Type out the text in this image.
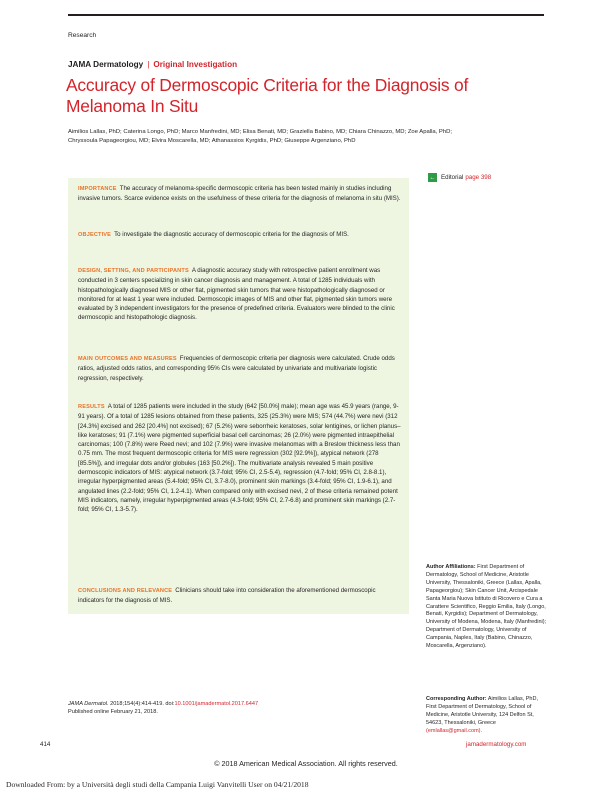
Research
JAMA Dermatology | Original Investigation
Accuracy of Dermoscopic Criteria for the Diagnosis of Melanoma In Situ
Aimilios Lallas, PhD; Caterina Longo, PhD; Marco Manfredini, MD; Elisa Benati, MD; Graziella Babino, MD; Chiara Chinazzo, MD; Zoe Apalla, PhD; Chryssoula Papageorgiou, MD; Elvira Moscarella, MD; Athanassios Kyrgidis, PhD; Giuseppe Argenziano, PhD
← Editorial page 398
IMPORTANCE The accuracy of melanoma-specific dermoscopic criteria has been tested mainly in studies including invasive tumors. Scarce evidence exists on the usefulness of these criteria for the diagnosis of melanoma in situ (MIS).
OBJECTIVE To investigate the diagnostic accuracy of dermoscopic criteria for the diagnosis of MIS.
DESIGN, SETTING, AND PARTICIPANTS A diagnostic accuracy study with retrospective patient enrollment was conducted in 3 centers specializing in skin cancer diagnosis and management. A total of 1285 individuals with histopathologically diagnosed MIS or other flat, pigmented skin tumors that were histopathologically diagnosed or monitored for at least 1 year were included. Dermoscopic images of MIS and other flat, pigmented skin tumors were evaluated by 3 independent investigators for the presence of predefined criteria. Evaluators were blinded to the clinic dermoscopic and histopathologic diagnosis.
MAIN OUTCOMES AND MEASURES Frequencies of dermoscopic criteria per diagnosis were calculated. Crude odds ratios, adjusted odds ratios, and corresponding 95% CIs were calculated by univariate and multivariate logistic regression, respectively.
RESULTS A total of 1285 patients were included in the study (642 [50.0%] male); mean age was 45.9 years (range, 9-91 years). Of a total of 1285 lesions obtained from these patients, 325 (25.3%) were MIS; 574 (44.7%) were nevi (312 [24.3%] excised and 262 [20.4%] not excised); 67 (5.2%) were seborrheic keratoses, solar lentigines, or lichen planus–like keratoses; 91 (7.1%) were pigmented superficial basal cell carcinomas; 26 (2.0%) were pigmented intraepithelial carcinomas; 100 (7.8%) were Reed nevi; and 102 (7.9%) were invasive melanomas with a Breslow thickness less than 0.75 mm. The most frequent dermoscopic criteria for MIS were regression (302 [92.9%]), atypical network (278 [85.5%]), and irregular dots and/or globules (163 [50.2%]). The multivariate analysis revealed 5 main positive dermoscopic indicators of MIS: atypical network (3.7-fold; 95% CI, 2.5-5.4), regression (4.7-fold; 95% CI, 2.8-8.1), irregular hyperpigmented areas (5.4-fold; 95% CI, 3.7-8.0), prominent skin markings (3.4-fold; 95% CI, 1.9-6.1), and angulated lines (2.2-fold; 95% CI, 1.2-4.1). When compared only with excised nevi, 2 of these criteria remained potent MIS indicators, namely, irregular hyperpigmented areas (4.3-fold; 95% CI, 2.7-6.8) and prominent skin markings (2.7-fold; 95% CI, 1.3-5.7).
CONCLUSIONS AND RELEVANCE Clinicians should take into consideration the aforementioned dermoscopic indicators for the diagnosis of MIS.
Author Affiliations: First Department of Dermatology, School of Medicine, Aristotle University, Thessaloniki, Greece (Lallas, Apalla, Papageorgiou); Skin Cancer Unit, Arcispedale Santa Maria Nuova Istituto di Ricovero e Cura a Carattere Scientifico, Reggio Emilia, Italy (Longo, Benati, Kyrgidis); Department of Dermatology, University of Modena, Modena, Italy (Manfredini); Department of Dermatology, University of Campania, Naples, Italy (Babino, Chinazzo, Moscarella, Argenziano).
Corresponding Author: Aimilios Lallas, PhD, First Department of Dermatology, School of Medicine, Aristotle University, 124 Delfon St, 54623, Thessaloniki, Greece (emlallas@gmail.com).
JAMA Dermatol. 2018;154(4):414-419. doi:10.1001/jamadermatol.2017.6447
Published online February 21, 2018.
414	jamadermatology.com
© 2018 American Medical Association. All rights reserved.
Downloaded From: by a Università degli studi della Campania Luigi Vanvitelli User on 04/21/2018
